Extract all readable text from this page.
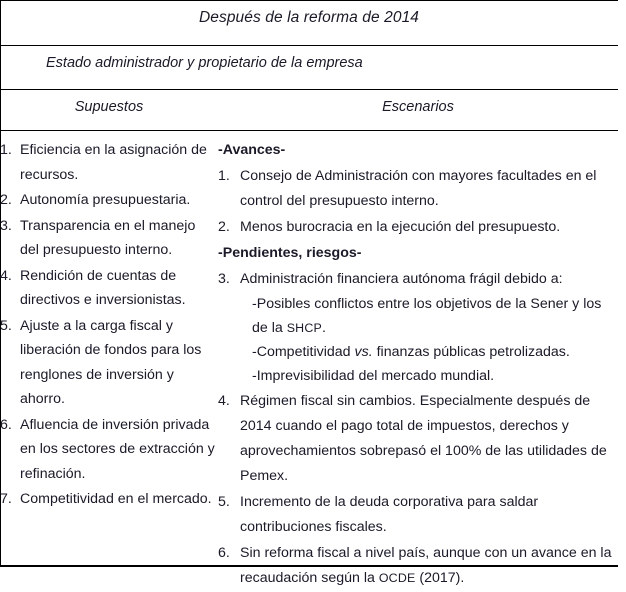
Después de la reforma de 2014
Estado administrador y propietario de la empresa
Supuestos	Escenarios
1. Eficiencia en la asignación de recursos.
2. Autonomía presupuestaria.
3. Transparencia en el manejo del presupuesto interno.
4. Rendición de cuentas de directivos e inversionistas.
5. Ajuste a la carga fiscal y liberación de fondos para los renglones de inversión y ahorro.
6. Afluencia de inversión privada en los sectores de extracción y refinación.
7. Competitividad en el mercado.
-Avances-
1. Consejo de Administración con mayores facultades en el control del presupuesto interno.
2. Menos burocracia en la ejecución del presupuesto.
-Pendientes, riesgos-
3. Administración financiera autónoma frágil debido a:
-Posibles conflictos entre los objetivos de la Sener y los de la SHCP.
-Competitividad vs. finanzas públicas petrolizadas.
-Imprevisibilidad del mercado mundial.
4. Régimen fiscal sin cambios. Especialmente después de 2014 cuando el pago total de impuestos, derechos y aprovechamientos sobrepasó el 100% de las utilidades de Pemex.
5. Incremento de la deuda corporativa para saldar contribuciones fiscales.
6. Sin reforma fiscal a nivel país, aunque con un avance en la recaudación según la OCDE (2017).
